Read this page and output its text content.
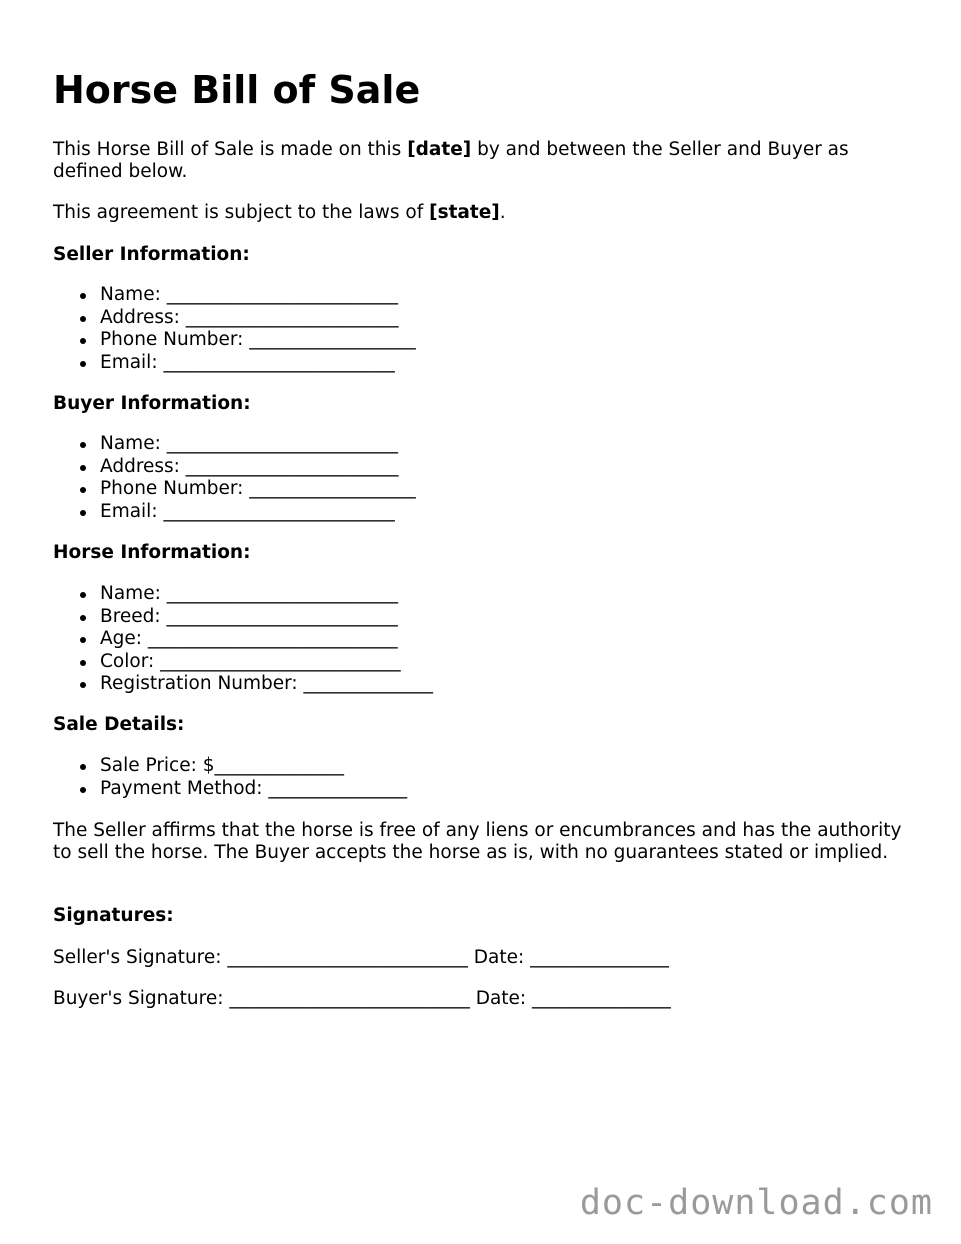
Horse Bill of Sale

This Horse Bill of Sale is made on this [date] by and between the Seller and Buyer as defined below.

This agreement is subject to the laws of [state].

Seller Information:

Name: _________________________
Address: _______________________
Phone Number: __________________
Email: _________________________

Buyer Information:

Name: _________________________
Address: _______________________
Phone Number: __________________
Email: _________________________

Horse Information:

Name: _________________________
Breed: _________________________
Age: ___________________________
Color: __________________________
Registration Number: ______________

Sale Details:

Sale Price: $______________
Payment Method: _______________

The Seller affirms that the horse is free of any liens or encumbrances and has the authority to sell the horse. The Buyer accepts the horse as is, with no guarantees stated or implied.

Signatures:

Seller's Signature: __________________________ Date: _______________

Buyer's Signature: __________________________ Date: _______________

doc-download.com
